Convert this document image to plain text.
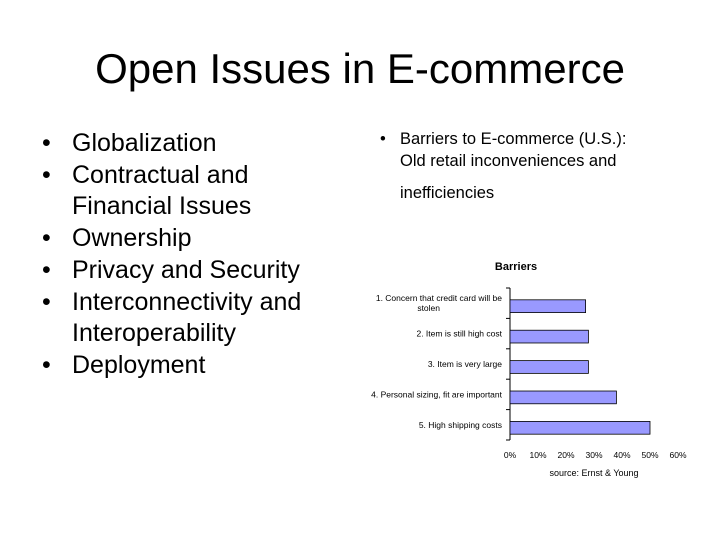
Open Issues in E-commerce
• Globalization
• Contractual and
Financial Issues
• Ownership
• Privacy and Security
• Interconnectivity and
Interoperability
• Deployment
• Barriers to E-commerce (U.S.):
Old retail inconveniences and
inefficiencies
Barriers
1. Concern that credit card will be stolen
2. Item is still high cost
3. Item is very large
4. Personal sizing, fit are important
5. High shipping costs
0% 10% 20% 30% 40% 50% 60%
source: Ernst & Young
